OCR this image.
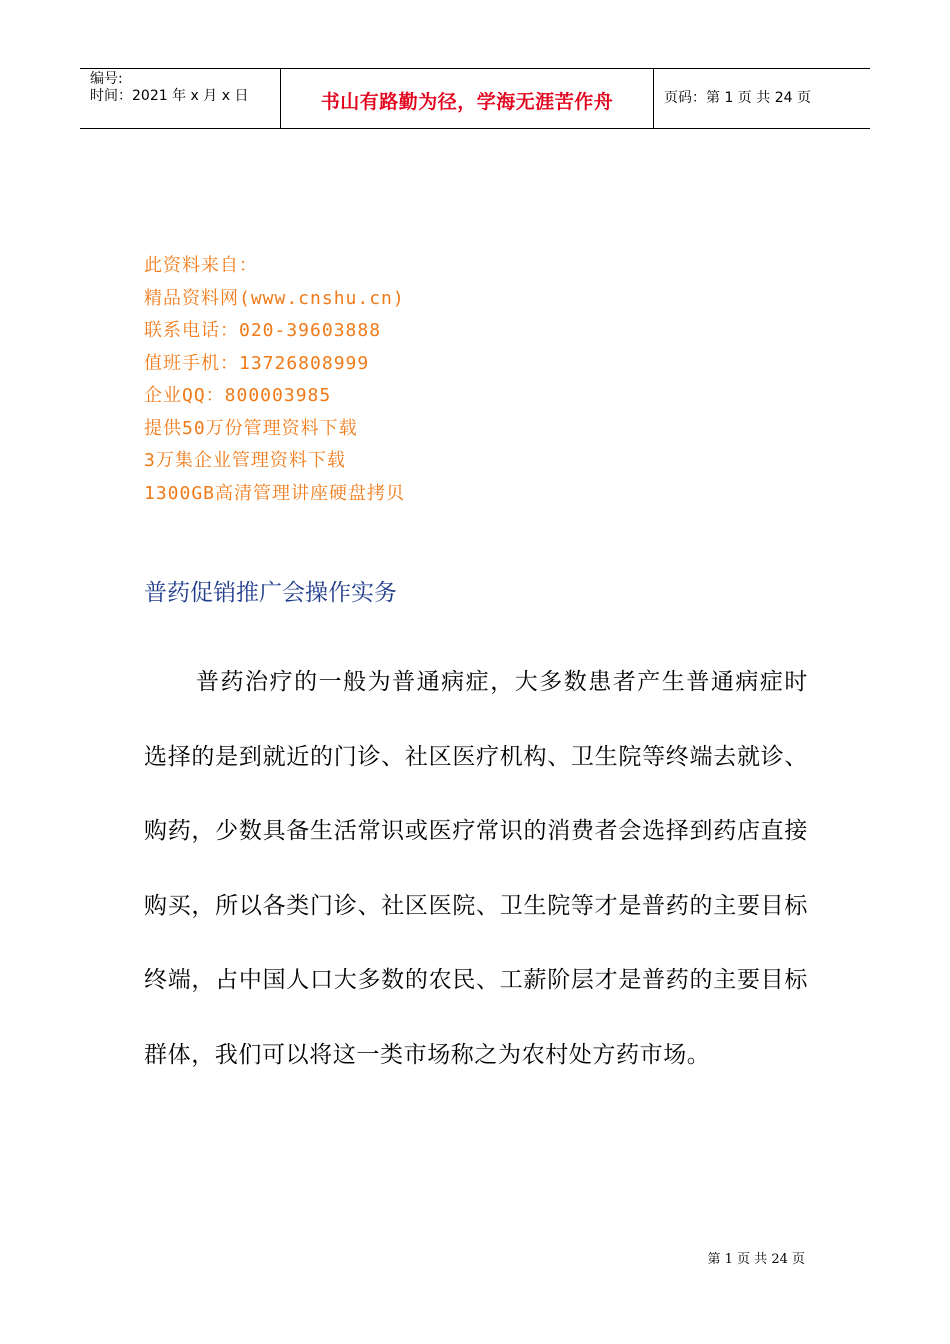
编号:
时间：2021 年 x 月 x 日	书山有路勤为径，学海无涯苦作舟	页码：第 1 页 共 24 页
此资料来自：
精品资料网(www.cnshu.cn)
联系电话：020-39603888
值班手机：13726808999
企业QQ：800003985
提供50万份管理资料下载
3万集企业管理资料下载
1300GB高清管理讲座硬盘拷贝
普药促销推广会操作实务
普药治疗的一般为普通病症，大多数患者产生普通病症时选择的是到就近的门诊、社区医疗机构、卫生院等终端去就诊、购药，少数具备生活常识或医疗常识的消费者会选择到药店直接购买，所以各类门诊、社区医院、卫生院等才是普药的主要目标终端，占中国人口大多数的农民、工薪阶层才是普药的主要目标群体，我们可以将这一类市场称之为农村处方药市场。
第 1 页 共 24 页
